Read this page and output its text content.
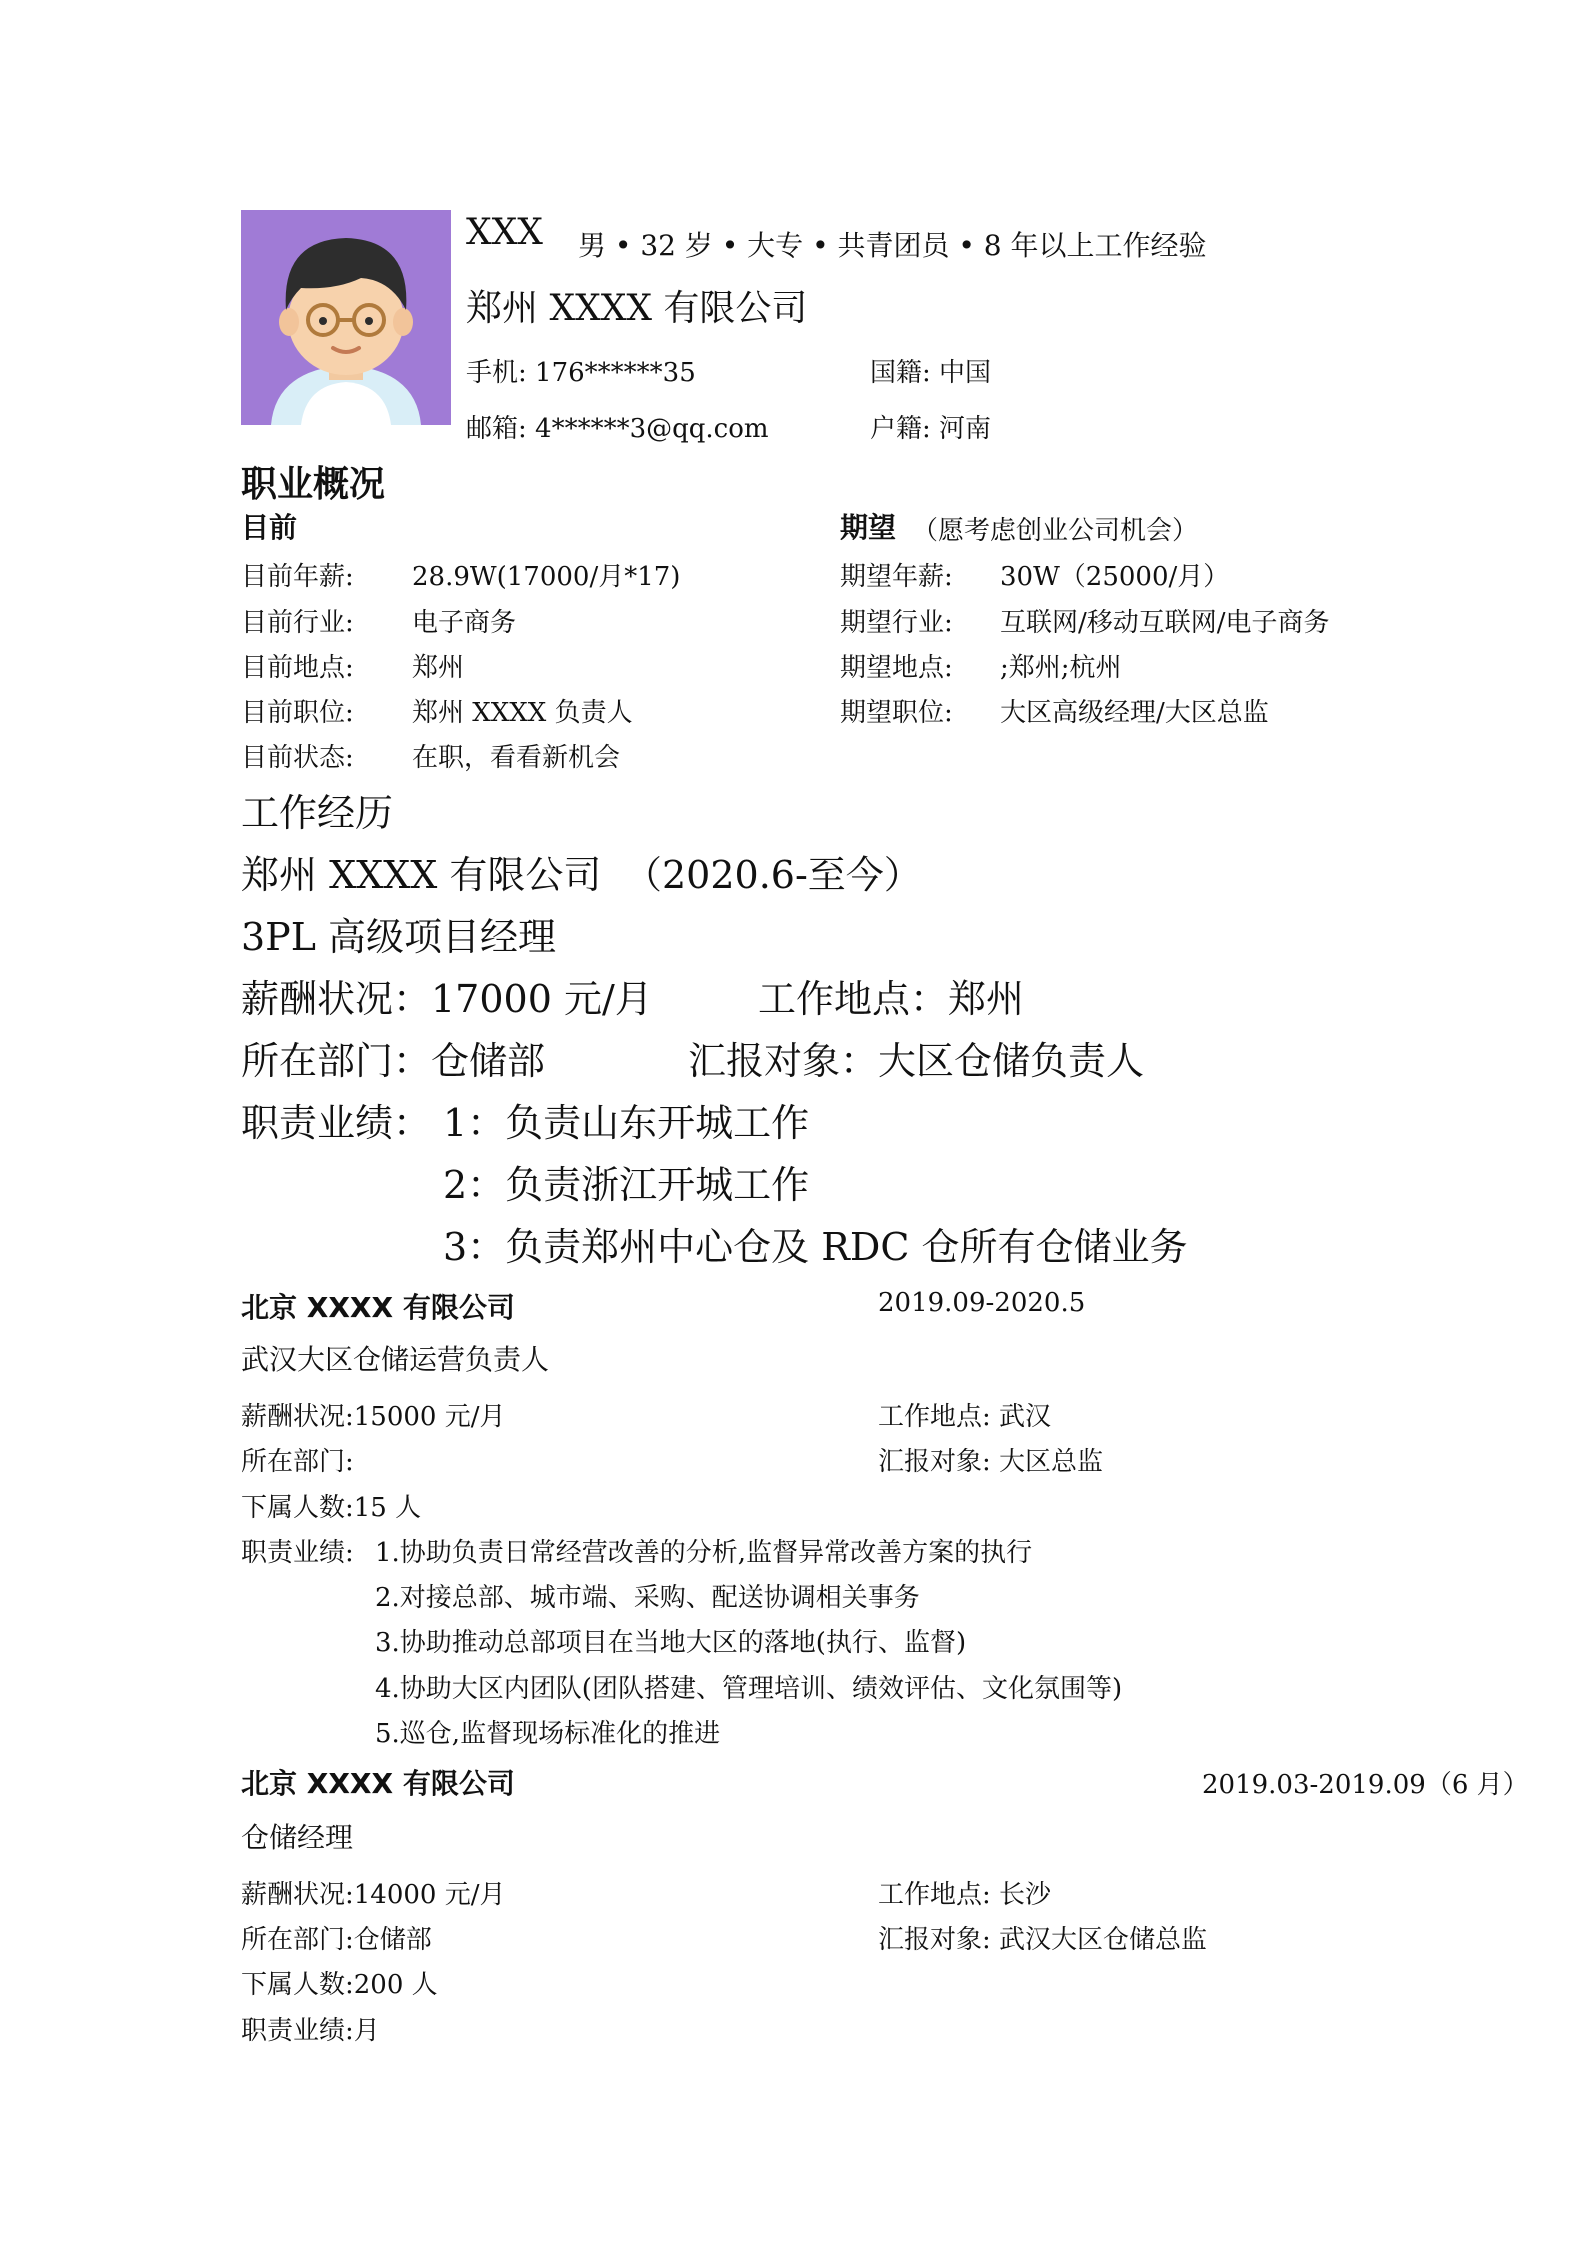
XXX 男 • 32 岁 • 大专 • 共青团员 • 8 年以上工作经验
郑州 XXXX 有限公司
手机: 176******35
邮箱: 4******3@qq.com
国籍: 中国
户籍: 河南
职业概况
目前	期望 （愿考虑创业公司机会）
目前年薪: 28.9W(17000/月*17)
目前行业: 电子商务
目前地点: 郑州
目前职位: 郑州 XXXX 负责人
目前状态: 在职，看看新机会
期望年薪: 30W（25000/月）
期望行业: 互联网/移动互联网/电子商务
期望地点: ;郑州;杭州
期望职位: 大区高级经理/大区总监
工作经历
郑州 XXXX 有限公司 （2020.6-至今）
3PL 高级项目经理
薪酬状况：17000 元/月	工作地点：郑州
所在部门：仓储部	汇报对象：大区仓储负责人
职责业绩： 1：负责山东开城工作
2：负责浙江开城工作
3：负责郑州中心仓及 RDC 仓所有仓储业务
北京 XXXX 有限公司	2019.09-2020.5
武汉大区仓储运营负责人
薪酬状况:15000 元/月	工作地点: 武汉
所在部门:	汇报对象: 大区总监
下属人数:15 人
职责业绩: 1.协助负责日常经营改善的分析,监督异常改善方案的执行
2.对接总部、城市端、采购、配送协调相关事务
3.协助推动总部项目在当地大区的落地(执行、监督)
4.协助大区内团队(团队搭建、管理培训、绩效评估、文化氛围等)
5.巡仓,监督现场标准化的推进
北京 XXXX 有限公司	2019.03-2019.09（6 月）
仓储经理
薪酬状况:14000 元/月	工作地点: 长沙
所在部门:仓储部	汇报对象: 武汉大区仓储总监
下属人数:200 人
职责业绩:月
